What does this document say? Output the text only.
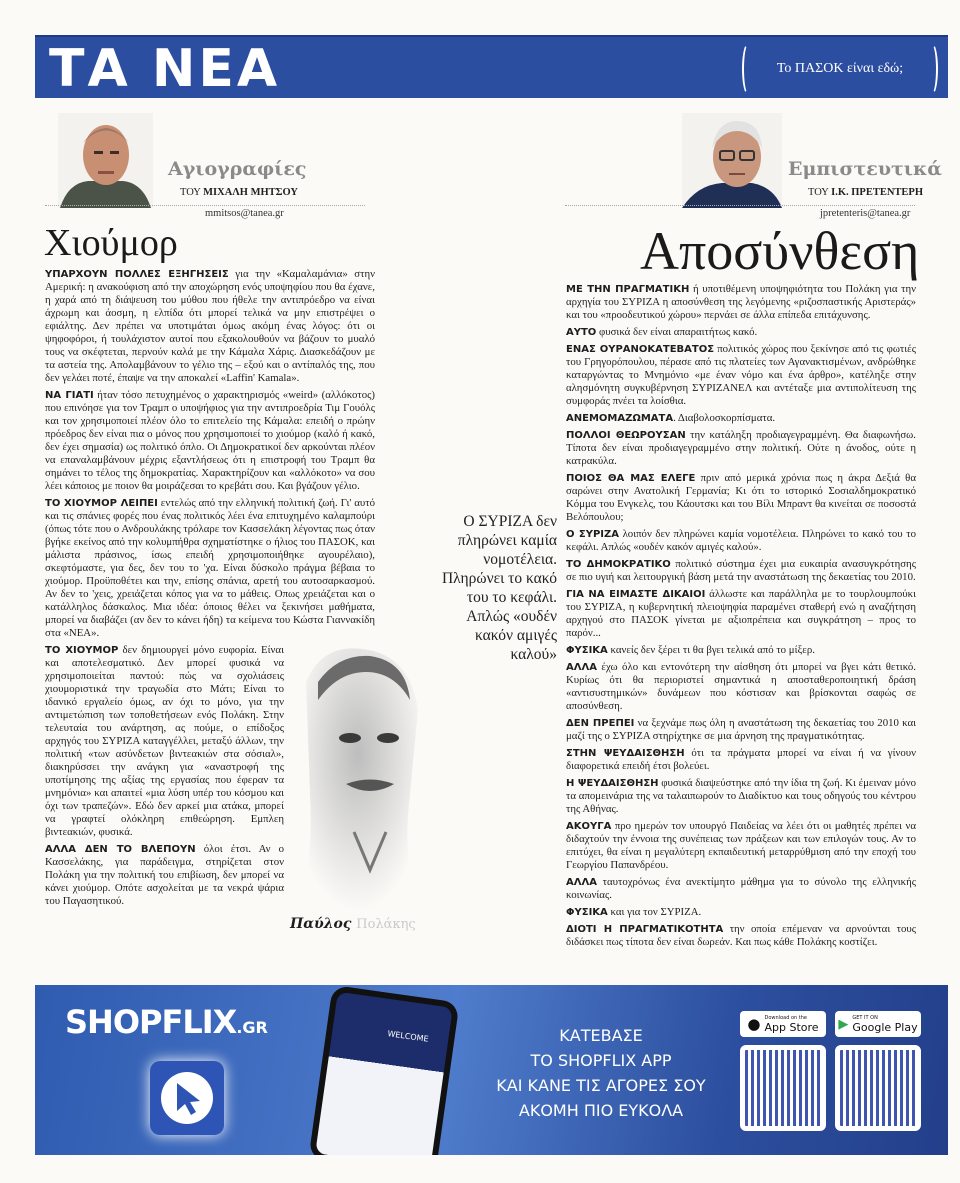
ΤΑ ΝΕΑ	Το ΠΑΣΟΚ είναι εδώ;
Αγιογραφίες
ΤΟΥ ΜΙΧΑΛΗ ΜΗΤΣΟΥ
mmitsos@tanea.gr
Χιούμορ

ΥΠΑΡΧΟΥΝ ΠΟΛΛΕΣ ΕΞΗΓΗΣΕΙΣ για την «Καμαλαμάνια» στην Αμερική: η ανακούφιση από την αποχώρηση ενός υποψηφίου που θα έχανε, η χαρά από τη διάψευση του μύθου που ήθελε την αντιπρόεδρο να είναι άχρωμη και άοσμη, η ελπίδα ότι μπορεί τελικά να μην επιστρέψει ο εφιάλτης. Δεν πρέπει να υποτιμάται όμως ακόμη ένας λόγος: ότι οι ψηφοφόροι, ή τουλάχιστον αυτοί που εξακολουθούν να βάζουν το μυαλό τους να σκέφτεται, περνούν καλά με την Κάμαλα Χάρις. Διασκεδάζουν με τα αστεία της. Απολαμβάνουν το γέλιο της – εξού και ο αντίπαλός της, που δεν γελάει ποτέ, έπαψε να την αποκαλεί «Laffin' Kamala».

ΝΑ ΓΙΑΤΙ ήταν τόσο πετυχημένος ο χαρακτηρισμός «weird» (αλλόκοτος) που επινόησε για τον Τραμπ ο υποψήφιος για την αντιπροεδρία Τιμ Γουόλς και τον χρησιμοποιεί πλέον όλο το επιτελείο της Κάμαλα: επειδή ο πρώην πρόεδρος δεν είναι πια ο μόνος που χρησιμοποιεί το χιούμορ (καλό ή κακό, δεν έχει σημασία) ως πολιτικό όπλο. Οι Δημοκρατικοί δεν αρκούνται πλέον να επαναλαμβάνουν μέχρις εξαντλήσεως ότι η επιστροφή του Τραμπ θα σημάνει το τέλος της δημοκρατίας. Χαρακτηρίζουν και «αλλόκοτο» να σου λέει κάποιος με ποιον θα μοιράζεσαι το κρεβάτι σου. Και βγάζουν γέλιο.

ΤΟ ΧΙΟΥΜΟΡ ΛΕΙΠΕΙ εντελώς από την ελληνική πολιτική ζωή. Γι' αυτό και τις σπάνιες φορές που ένας πολιτικός λέει ένα επιτυχημένο καλαμπούρι (όπως τότε που ο Ανδρουλάκης τρόλαρε τον Κασσελάκη λέγοντας πως όταν βγήκε εκείνος από την κολυμπήθρα σχηματίστηκε ο ήλιος του ΠΑΣΟΚ, και μάλιστα πράσινος, ίσως επειδή χρησιμοποιήθηκε αγουρέλαιο), σκεφτόμαστε, για δες, δεν του το 'χα. Είναι δύσκολο πράγμα βέβαια το χιούμορ. Προϋποθέτει και την, επίσης σπάνια, αρετή του αυτοσαρκασμού. Αν δεν το 'χεις, χρειάζεται κόπος για να το μάθεις. Οπως χρειάζεται και ο κατάλληλος δάσκαλος. Μια ιδέα: όποιος θέλει να ξεκινήσει μαθήματα, μπορεί να διαβάζει (αν δεν το κάνει ήδη) τα κείμενα του Κώστα Γιαννακίδη στα «ΝΕΑ».

Παύλος Πολάκης

ΤΟ ΧΙΟΥΜΟΡ δεν δημιουργεί μόνο ευφορία. Είναι και αποτελεσματικό. Δεν μπορεί φυσικά να χρησιμοποιείται παντού: πώς να σχολιάσεις χιουμοριστικά την τραγωδία στο Μάτι; Είναι το ιδανικό εργαλείο όμως, αν όχι το μόνο, για την αντιμετώπιση των τοποθετήσεων ενός Πολάκη. Στην τελευταία του ανάρτηση, ας πούμε, ο επίδοξος αρχηγός του ΣΥΡΙΖΑ καταγγέλλει, μεταξύ άλλων, την πολιτική «των ασύνδετων βιντεακιών στα σόσιαλ», διακηρύσσει την ανάγκη για «αναστροφή της υποτίμησης της αξίας της εργασίας που έφεραν τα μνημόνια» και απαιτεί «μια λύση υπέρ του κόσμου και όχι των τραπεζών». Εδώ δεν αρκεί μια ατάκα, μπορεί να γραφτεί ολόκληρη επιθεώρηση. Εμπλεη βιντεακιών, φυσικά.

ΑΛΛΑ ΔΕΝ ΤΟ ΒΛΕΠΟΥΝ όλοι έτσι. Αν ο Κασσελάκης, για παράδειγμα, στηρίζεται στον Πολάκη για την πολιτική του επιβίωση, δεν μπορεί να κάνει χιούμορ. Οπότε ασχολείται με τα νεκρά ψάρια του Παγασητικού.

Ο ΣΥΡΙΖΑ δεν πληρώνει καμία νομοτέλεια. Πληρώνει το κακό του το κεφάλι. Απλώς «ουδέν κακόν αμιγές καλού»
Εμπιστευτικά
ΤΟΥ Ι.Κ. ΠΡΕΤΕΝΤΕΡΗ
jpretenteris@tanea.gr
Αποσύνθεση

ΜΕ ΤΗΝ ΠΡΑΓΜΑΤΙΚΗ ή υποτιθέμενη υποψηφιότητα του Πολάκη για την αρχηγία του ΣΥΡΙΖΑ η αποσύνθεση της λεγόμενης «ριζοσπαστικής Αριστεράς» και του «προοδευτικού χώρου» περνάει σε άλλα επίπεδα επιτάχυνσης.

ΑΥΤΟ φυσικά δεν είναι απαραιτήτως κακό.

ΕΝΑΣ ΟΥΡΑΝΟΚΑΤΕΒΑΤΟΣ πολιτικός χώρος που ξεκίνησε από τις φωτιές του Γρηγορόπουλου, πέρασε από τις πλατείες των Αγανακτισμένων, ανδρώθηκε καταργώντας το Μνημόνιο «με έναν νόμο και ένα άρθρο», κατέληξε στην αλησμόνητη συγκυβέρνηση ΣΥΡΙΖΑΝΕΛ και αντέταξε μια αντιπολίτευση της συμφοράς πνέει τα λοίσθια.

ΑΝΕΜΟΜΑΖΩΜΑΤΑ. Διαβολοσκορπίσματα.

ΠΟΛΛΟΙ ΘΕΩΡΟΥΣΑΝ την κατάληξη προδιαγεγραμμένη. Θα διαφωνήσω. Τίποτα δεν είναι προδιαγεγραμμένο στην πολιτική. Ούτε η άνοδος, ούτε η κατρακύλα.

ΠΟΙΟΣ ΘΑ ΜΑΣ ΕΛΕΓΕ πριν από μερικά χρόνια πως η άκρα Δεξιά θα σαρώνει στην Ανατολική Γερμανία; Κι ότι το ιστορικό Σοσιαλδημοκρατικό Κόμμα του Ενγκελς, του Κάουτσκι και του Βίλι Μπραντ θα κινείται σε ποσοστά Βελόπουλου;

Ο ΣΥΡΙΖΑ λοιπόν δεν πληρώνει καμία νομοτέλεια. Πληρώνει το κακό του το κεφάλι. Απλώς «ουδέν κακόν αμιγές καλού».

ΤΟ ΔΗΜΟΚΡΑΤΙΚΟ πολιτικό σύστημα έχει μια ευκαιρία ανασυγκρότησης σε πιο υγιή και λειτουργική βάση μετά την αναστάτωση της δεκαετίας του 2010.

ΓΙΑ ΝΑ ΕΙΜΑΣΤΕ ΔΙΚΑΙΟΙ άλλωστε και παράλληλα με το τουρλουμπούκι του ΣΥΡΙΖΑ, η κυβερνητική πλειοψηφία παραμένει σταθερή ενώ η αναζήτηση αρχηγού στο ΠΑΣΟΚ γίνεται με αξιοπρέπεια και συγκράτηση – προς το παρόν...

ΦΥΣΙΚΑ κανείς δεν ξέρει τι θα βγει τελικά από το μίξερ.

ΑΛΛΑ έχω όλο και εντονότερη την αίσθηση ότι μπορεί να βγει κάτι θετικό. Κυρίως ότι θα περιοριστεί σημαντικά η αποσταθεροποιητική δράση «αντισυστημικών» δυνάμεων που κόστισαν και βρίσκονται σαφώς σε αποσύνθεση.

ΔΕΝ ΠΡΕΠΕΙ να ξεχνάμε πως όλη η αναστάτωση της δεκαετίας του 2010 και μαζί της ο ΣΥΡΙΖΑ στηρίχτηκε σε μια άρνηση της πραγματικότητας.

ΣΤΗΝ ΨΕΥΔΑΙΣΘΗΣΗ ότι τα πράγματα μπορεί να είναι ή να γίνουν διαφορετικά επειδή έτσι βολεύει.

Η ΨΕΥΔΑΙΣΘΗΣΗ φυσικά διαψεύστηκε από την ίδια τη ζωή. Κι έμειναν μόνο τα απομεινάρια της να ταλαιπωρούν το Διαδίκτυο και τους οδηγούς του κέντρου της Αθήνας.

ΑΚΟΥΓΑ προ ημερών τον υπουργό Παιδείας να λέει ότι οι μαθητές πρέπει να διδαχτούν την έννοια της συνέπειας των πράξεων και των επιλογών τους. Αν το επιτύχει, θα είναι η μεγαλύτερη εκπαιδευτική μεταρρύθμιση από την εποχή του Γεωργίου Παπανδρέου.

ΑΛΛΑ ταυτοχρόνως ένα ανεκτίμητο μάθημα για το σύνολο της ελληνικής κοινωνίας.

ΦΥΣΙΚΑ και για τον ΣΥΡΙΖΑ.

ΔΙΟΤΙ Η ΠΡΑΓΜΑΤΙΚΟΤΗΤΑ την οποία επέμεναν να αρνούνται τους διδάσκει πως τίποτα δεν είναι δωρεάν. Και πως κάθε Πολάκης κοστίζει.

SHOPFLIX.GR	WELCOME	ΚΑΤΕΒΑΣΕ
ΤΟ SHOPFLIX APP
ΚΑΙ ΚΑΝΕ ΤΙΣ ΑΓΟΡΕΣ ΣΟΥ
ΑΚΟΜΗ ΠΙΟ ΕΥΚΟΛΑ
● Download on the
App Store ▶ GET IT ON
Google Play
